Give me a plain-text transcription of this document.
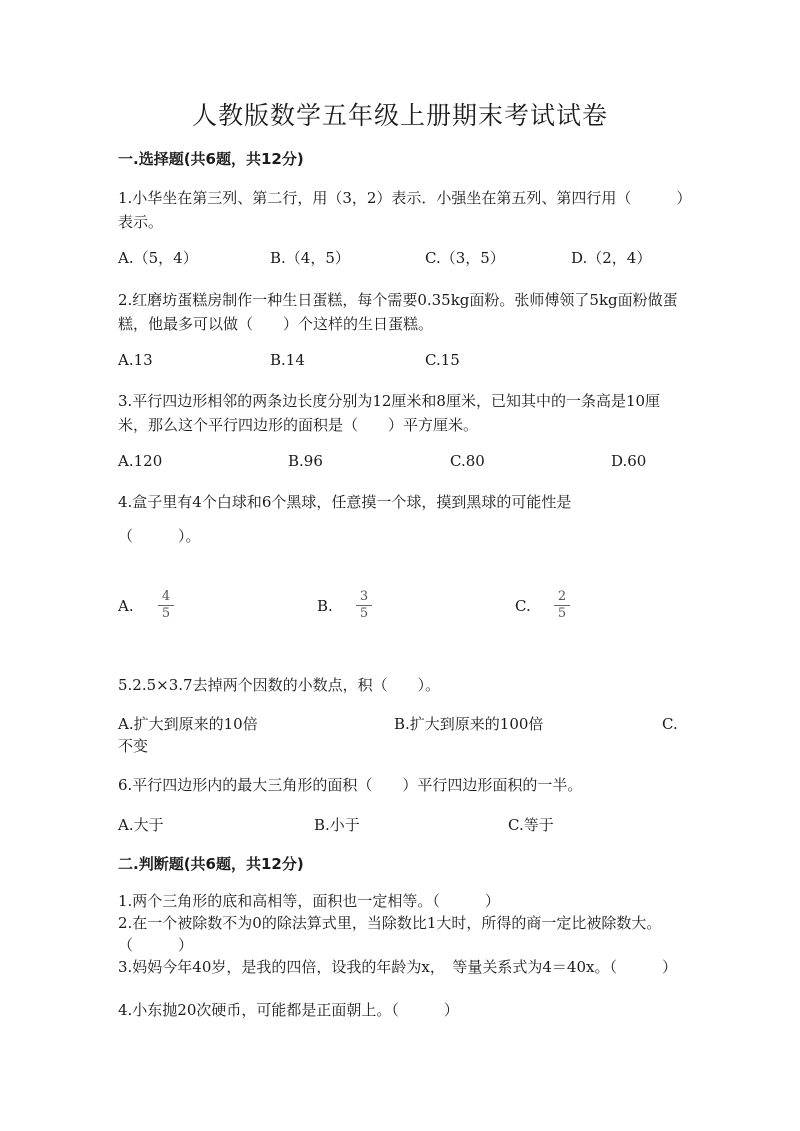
人教版数学五年级上册期末考试试卷
一.选择题(共6题，共12分)
1.小华坐在第三列、第二行，用（3，2）表示．小强坐在第五列、第四行用（　　　）表示。
A.（5，4）	B.（4，5）	C.（3，5）	D.（2，4）
2.红磨坊蛋糕房制作一种生日蛋糕，每个需要0.35kg面粉。张师傅领了5kg面粉做蛋糕，他最多可以做（　　）个这样的生日蛋糕。
A.13	B.14	C.15
3.平行四边形相邻的两条边长度分别为12厘米和8厘米，已知其中的一条高是10厘米，那么这个平行四边形的面积是（　　）平方厘米。
A.120	B.96	C.80	D.60
4.盒子里有4个白球和6个黑球，任意摸一个球，摸到黑球的可能性是
（　　　）。
A. $\frac{4}{5}$	B. $\frac{3}{5}$	C. $\frac{2}{5}$
5.2.5×3.7去掉两个因数的小数点，积（　　）。
A.扩大到原来的10倍	B.扩大到原来的100倍	C.
不变
6.平行四边形内的最大三角形的面积（　　）平行四边形面积的一半。
A.大于	B.小于	C.等于
二.判断题(共6题，共12分)
1.两个三角形的底和高相等，面积也一定相等。（　　　）
2.在一个被除数不为0的除法算式里，当除数比1大时，所得的商一定比被除数大。（　　　）
3.妈妈今年40岁，是我的四倍，设我的年龄为x，　等量关系式为4＝40x。（　　　）
4.小东抛20次硬币，可能都是正面朝上。（　　　）
